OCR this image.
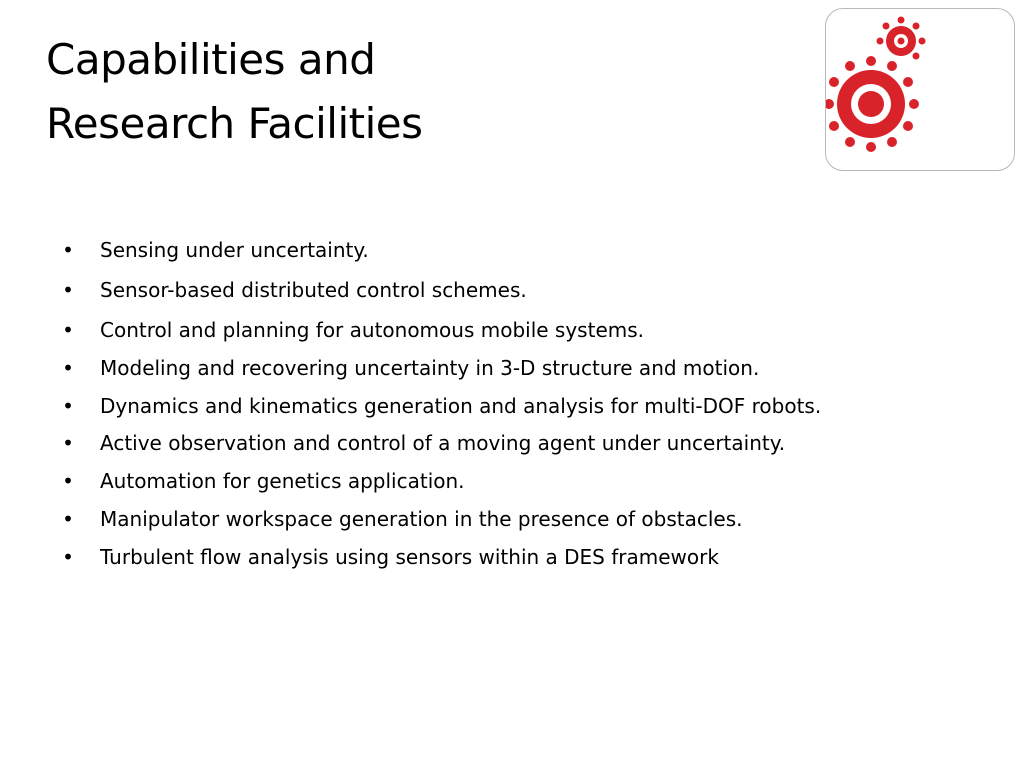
Capabilities and
Research Facilities
• Sensing under uncertainty.
• Sensor-based distributed control schemes.
• Control and planning for autonomous mobile systems.
• Modeling and recovering uncertainty in 3-D structure and motion.
• Dynamics and kinematics generation and analysis for multi-DOF robots.
• Active observation and control of a moving agent under uncertainty.
• Automation for genetics application.
• Manipulator workspace generation in the presence of obstacles.
• Turbulent flow analysis using sensors within a DES framework
